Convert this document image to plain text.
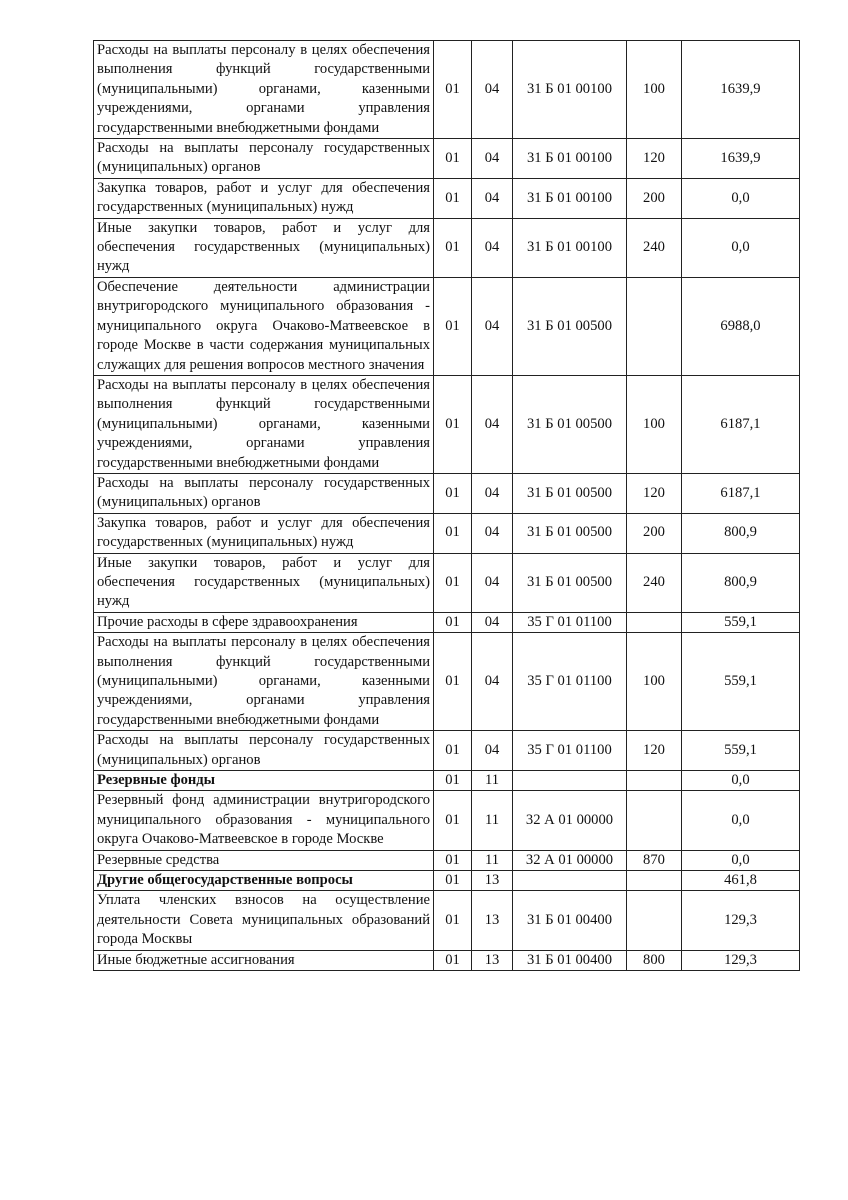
Расходы на выплаты персоналу в целях обеспечения выполнения функций государственными (муниципальными) органами, казенными учреждениями, органами управления государственными внебюджетными фондами	01	04	31 Б 01 00100	100	1639,9
Расходы на выплаты персоналу государственных (муниципальных) органов	01	04	31 Б 01 00100	120	1639,9
Закупка товаров, работ и услуг для обеспечения государственных (муниципальных) нужд	01	04	31 Б 01 00100	200	0,0
Иные закупки товаров, работ и услуг для обеспечения государственных (муниципальных) нужд	01	04	31 Б 01 00100	240	0,0
Обеспечение деятельности администрации внутригородского муниципального образования - муниципального округа Очаково-Матвеевское в городе Москве в части содержания муниципальных служащих для решения вопросов местного значения	01	04	31 Б 01 00500		6988,0
Расходы на выплаты персоналу в целях обеспечения выполнения функций государственными (муниципальными) органами, казенными учреждениями, органами управления государственными внебюджетными фондами	01	04	31 Б 01 00500	100	6187,1
Расходы на выплаты персоналу государственных (муниципальных) органов	01	04	31 Б 01 00500	120	6187,1
Закупка товаров, работ и услуг для обеспечения государственных (муниципальных) нужд	01	04	31 Б 01 00500	200	800,9
Иные закупки товаров, работ и услуг для обеспечения государственных (муниципальных) нужд	01	04	31 Б 01 00500	240	800,9
Прочие расходы в сфере здравоохранения	01	04	35 Г 01 01100		559,1
Расходы на выплаты персоналу в целях обеспечения выполнения функций государственными (муниципальными) органами, казенными учреждениями, органами управления государственными внебюджетными фондами	01	04	35 Г 01 01100	100	559,1
Расходы на выплаты персоналу государственных (муниципальных) органов	01	04	35 Г 01 01100	120	559,1
Резервные фонды	01	11			0,0
Резервный фонд администрации внутригородского муниципального образования - муниципального округа Очаково-Матвеевское в городе Москве	01	11	32 А 01 00000		0,0
Резервные средства	01	11	32 А 01 00000	870	0,0
Другие общегосударственные вопросы	01	13			461,8
Уплата членских взносов на осуществление деятельности Совета муниципальных образований города Москвы	01	13	31 Б 01 00400		129,3
Иные бюджетные ассигнования	01	13	31 Б 01 00400	800	129,3
